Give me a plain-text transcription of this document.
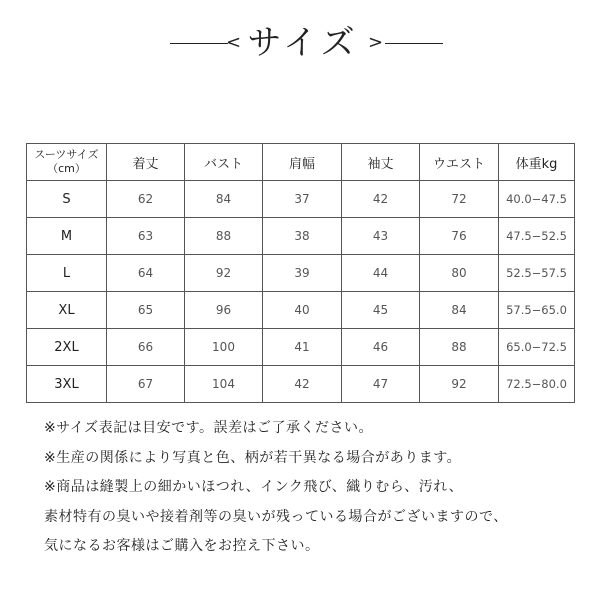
< サイズ >
スーツサイズ
（cm）	着丈	バスト	肩幅	袖丈	ウエスト	体重kg
S	62	84	37	42	72	40.0−47.5
M	63	88	38	43	76	47.5−52.5
L	64	92	39	44	80	52.5−57.5
XL	65	96	40	45	84	57.5−65.0
2XL	66	100	41	46	88	65.0−72.5
3XL	67	104	42	47	92	72.5−80.0

※サイズ表記は目安です。誤差はご了承ください。

※生産の関係により写真と色、柄が若干異なる場合があります。

※商品は縫製上の細かいほつれ、インク飛び、織りむら、汚れ、

素材特有の臭いや接着剤等の臭いが残っている場合がございますので、

気になるお客様はご購入をお控え下さい。
